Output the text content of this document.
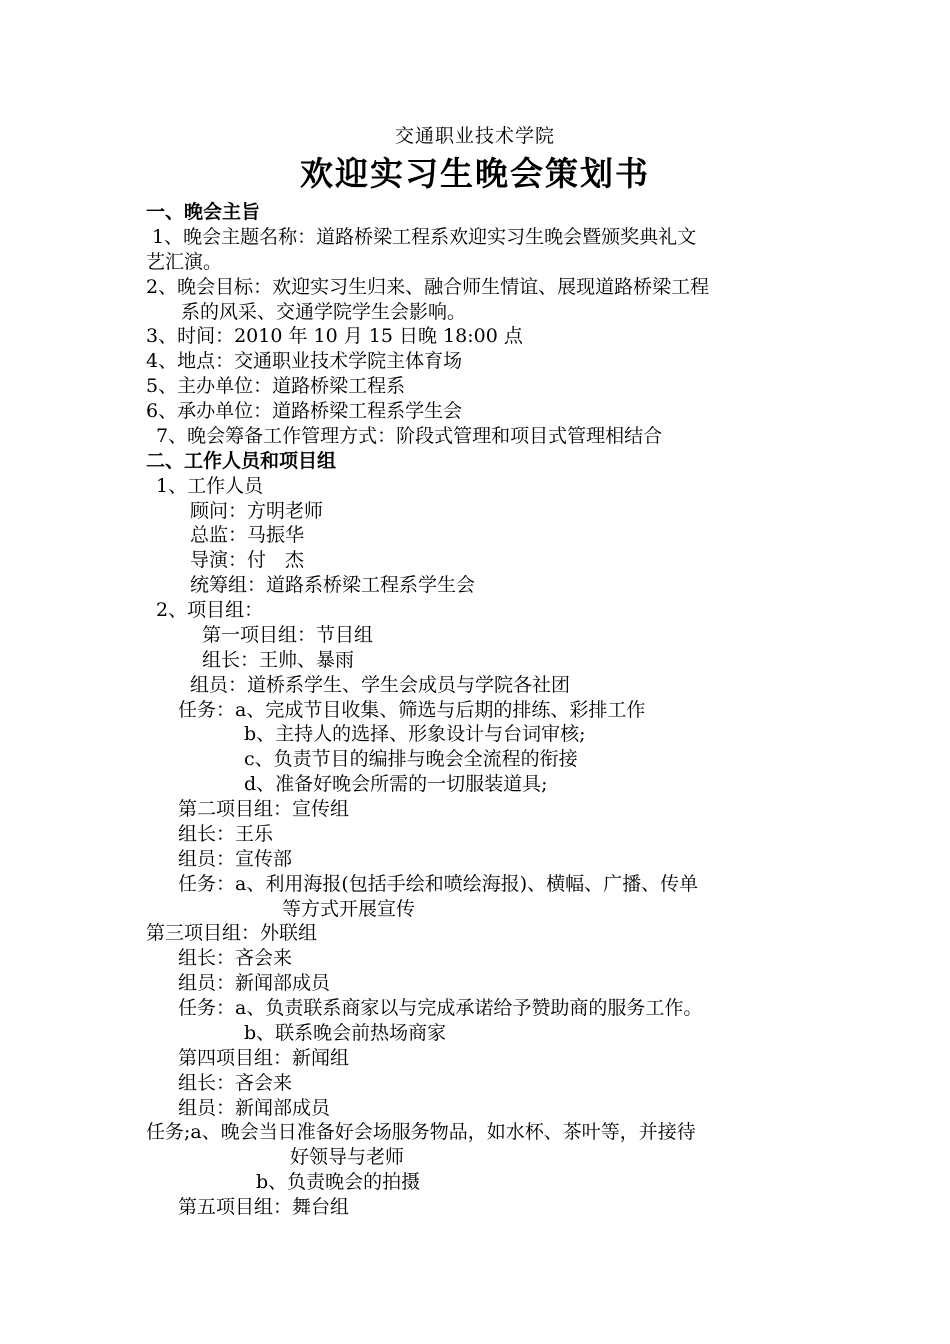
交通职业技术学院
欢迎实习生晚会策划书
一、晚会主旨
1、晚会主题名称：道路桥梁工程系欢迎实习生晚会暨颁奖典礼文
艺汇演。
2、晚会目标：欢迎实习生归来、融合师生情谊、展现道路桥梁工程
系的风采、交通学院学生会影响。
3、时间：2010 年 10 月 15 日晚 18:00 点
4、地点：交通职业技术学院主体育场
5、主办单位：道路桥梁工程系
6、承办单位：道路桥梁工程系学生会
7、晚会筹备工作管理方式：阶段式管理和项目式管理相结合
二、工作人员和项目组
1、工作人员
顾问：方明老师
总监：马振华
导演：付　杰
统筹组：道路系桥梁工程系学生会
2、项目组：
第一项目组：节目组
组长：王帅、暴雨
组员：道桥系学生、学生会成员与学院各社团
任务：a、完成节目收集、筛选与后期的排练、彩排工作
b、主持人的选择、形象设计与台词审核;
c、负责节目的编排与晚会全流程的衔接
d、准备好晚会所需的一切服装道具;
第二项目组：宣传组
组长：王乐
组员：宣传部
任务：a、利用海报(包括手绘和喷绘海报)、横幅、广播、传单
等方式开展宣传
第三项目组：外联组
组长：吝会来
组员：新闻部成员
任务：a、负责联系商家以与完成承诺给予赞助商的服务工作。
b、联系晚会前热场商家
第四项目组：新闻组
组长：吝会来
组员：新闻部成员
任务;a、晚会当日准备好会场服务物品，如水杯、茶叶等，并接待
好领导与老师
b、负责晚会的拍摄
第五项目组：舞台组
